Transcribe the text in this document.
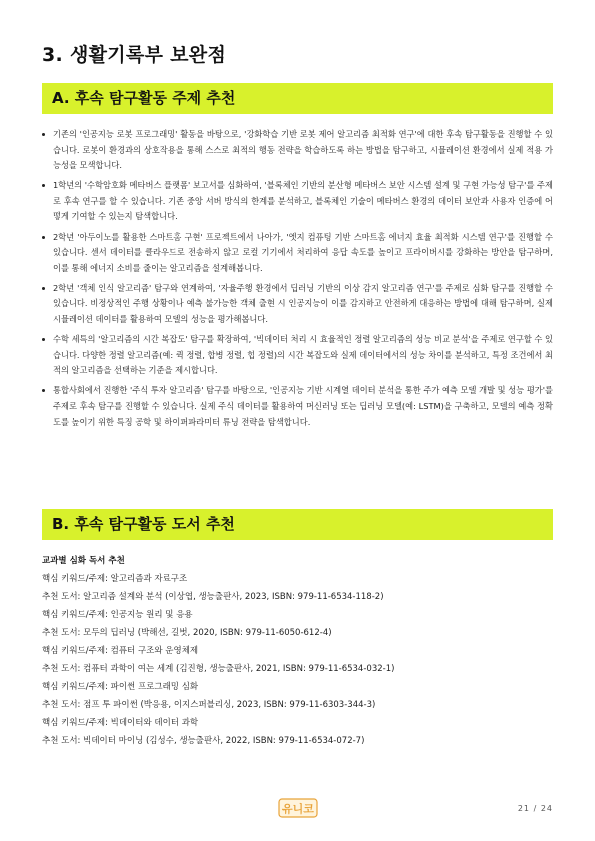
3. 생활기록부 보완점
A. 후속 탐구활동 주제 추천
기존의 '인공지능 로봇 프로그래밍' 활동을 바탕으로, '강화학습 기반 로봇 제어 알고리즘 최적화 연구'에 대한 후속 탐구활동을 진행할 수 있습니다. 로봇이 환경과의 상호작용을 통해 스스로 최적의 행동 전략을 학습하도록 하는 방법을 탐구하고, 시뮬레이션 환경에서 실제 적용 가능성을 모색합니다.
1학년의 '수학암호화 메타버스 플랫폼' 보고서를 심화하여, '블록체인 기반의 분산형 메타버스 보안 시스템 설계 및 구현 가능성 탐구'를 주제로 후속 연구를 할 수 있습니다. 기존 중앙 서버 방식의 한계를 분석하고, 블록체인 기술이 메타버스 환경의 데이터 보안과 사용자 인증에 어떻게 기여할 수 있는지 탐색합니다.
2학년 '아두이노를 활용한 스마트홈 구현' 프로젝트에서 나아가, '엣지 컴퓨팅 기반 스마트홈 에너지 효율 최적화 시스템 연구'를 진행할 수 있습니다. 센서 데이터를 클라우드로 전송하지 않고 로컬 기기에서 처리하여 응답 속도를 높이고 프라이버시를 강화하는 방안을 탐구하며, 이를 통해 에너지 소비를 줄이는 알고리즘을 설계해봅니다.
2학년 '객체 인식 알고리즘' 탐구와 연계하여, '자율주행 환경에서 딥러닝 기반의 이상 감지 알고리즘 연구'를 주제로 심화 탐구를 진행할 수 있습니다. 비정상적인 주행 상황이나 예측 불가능한 객체 출현 시 인공지능이 이를 감지하고 안전하게 대응하는 방법에 대해 탐구하며, 실제 시뮬레이션 데이터를 활용하여 모델의 성능을 평가해봅니다.
수학 세특의 '알고리즘의 시간 복잡도' 탐구를 확장하여, '빅데이터 처리 시 효율적인 정렬 알고리즘의 성능 비교 분석'을 주제로 연구할 수 있습니다. 다양한 정렬 알고리즘(예: 퀵 정렬, 합병 정렬, 힙 정렬)의 시간 복잡도와 실제 데이터에서의 성능 차이를 분석하고, 특정 조건에서 최적의 알고리즘을 선택하는 기준을 제시합니다.
통합사회에서 진행한 '주식 투자 알고리즘' 탐구를 바탕으로, '인공지능 기반 시계열 데이터 분석을 통한 주가 예측 모델 개발 및 성능 평가'를 주제로 후속 탐구를 진행할 수 있습니다. 실제 주식 데이터를 활용하여 머신러닝 또는 딥러닝 모델(예: LSTM)을 구축하고, 모델의 예측 정확도를 높이기 위한 특징 공학 및 하이퍼파라미터 튜닝 전략을 탐색합니다.
B. 후속 탐구활동 도서 추천
교과별 심화 독서 추천
핵심 키워드/주제: 알고리즘과 자료구조
추천 도서: 알고리즘 설계와 분석 (이상엽, 생능출판사, 2023, ISBN: 979-11-6534-118-2)
핵심 키워드/주제: 인공지능 원리 및 응용
추천 도서: 모두의 딥러닝 (박해선, 길벗, 2020, ISBN: 979-11-6050-612-4)
핵심 키워드/주제: 컴퓨터 구조와 운영체제
추천 도서: 컴퓨터 과학이 여는 세계 (김진형, 생능출판사, 2021, ISBN: 979-11-6534-032-1)
핵심 키워드/주제: 파이썬 프로그래밍 심화
추천 도서: 점프 투 파이썬 (박응용, 이지스퍼블리싱, 2023, ISBN: 979-11-6303-344-3)
핵심 키워드/주제: 빅데이터와 데이터 과학
추천 도서: 빅데이터 마이닝 (김성수, 생능출판사, 2022, ISBN: 979-11-6534-072-7)
유니코	21 / 24
